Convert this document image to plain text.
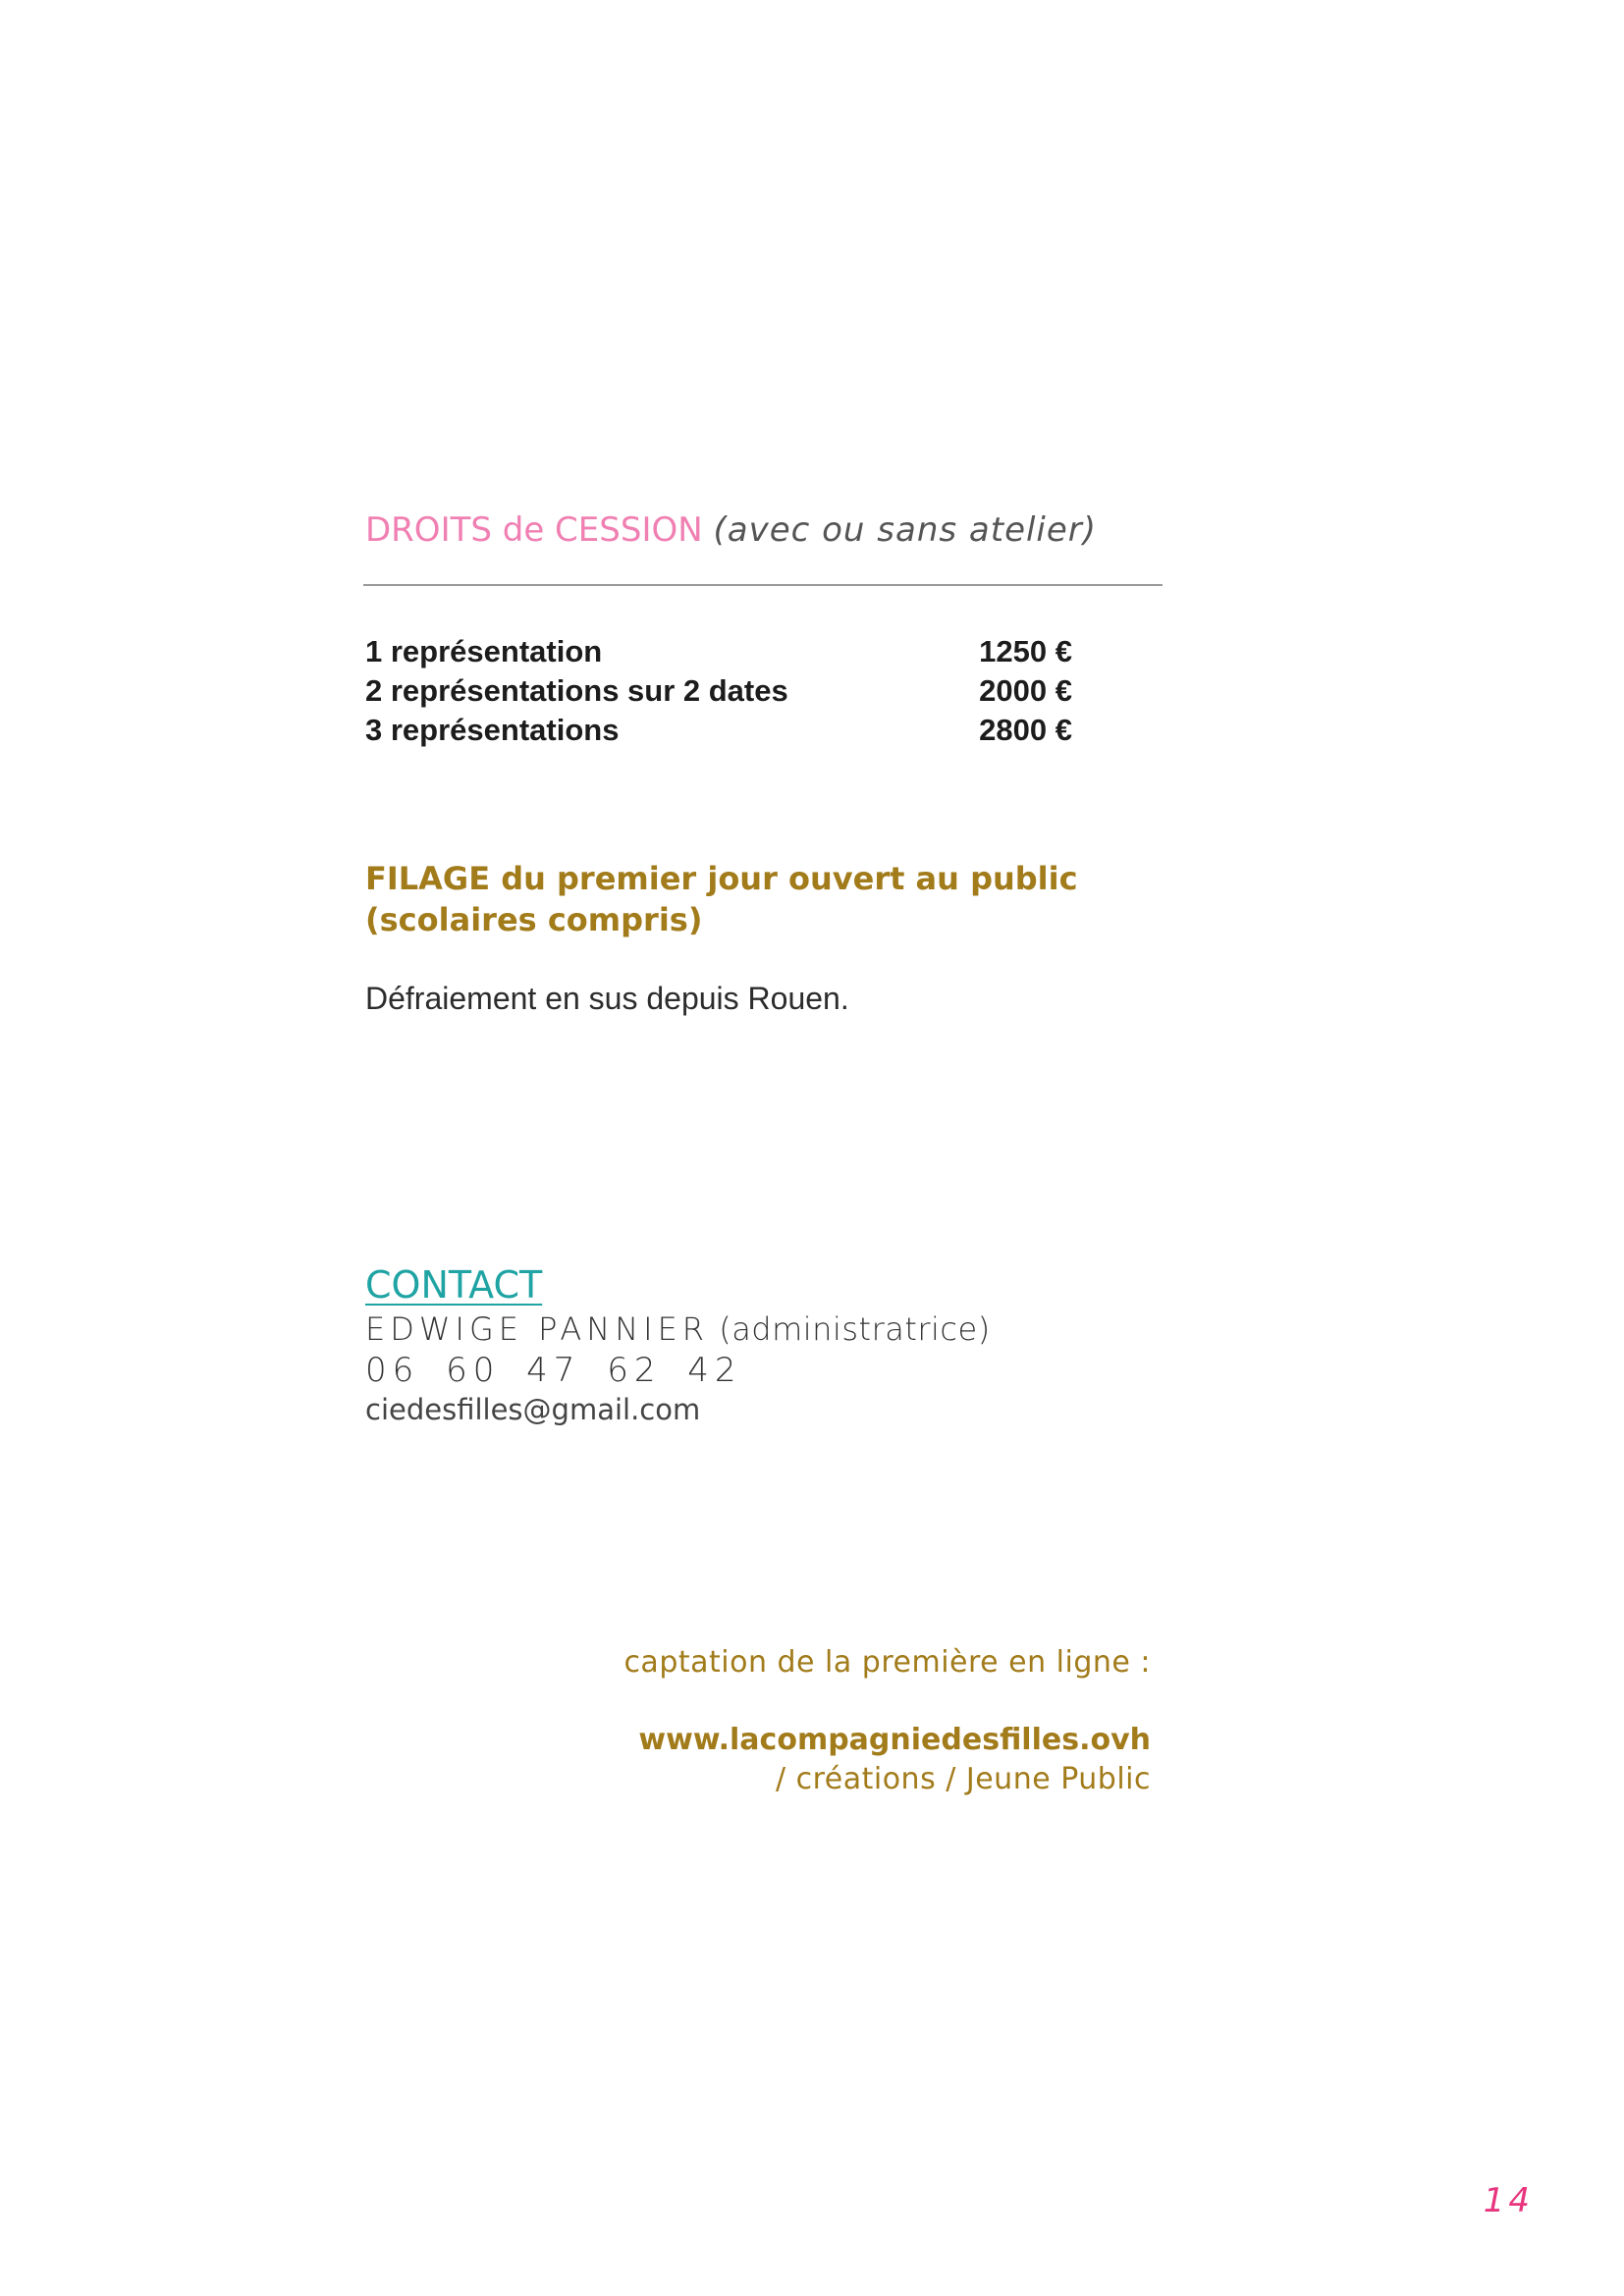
DROITS de CESSION (avec ou sans atelier)
1 représentation	1250 €
2 représentations sur 2 dates	2000 €
3 représentations	2800 €
FILAGE du premier jour ouvert au public
(scolaires compris)
Défraiement en sus depuis Rouen.
CONTACT
EDWIGE PANNIER (administratrice)
06 60 47 62 42
ciedesfilles@gmail.com
captation de la première en ligne :
www.lacompagniedesfilles.ovh
/ créations / Jeune Public
14
